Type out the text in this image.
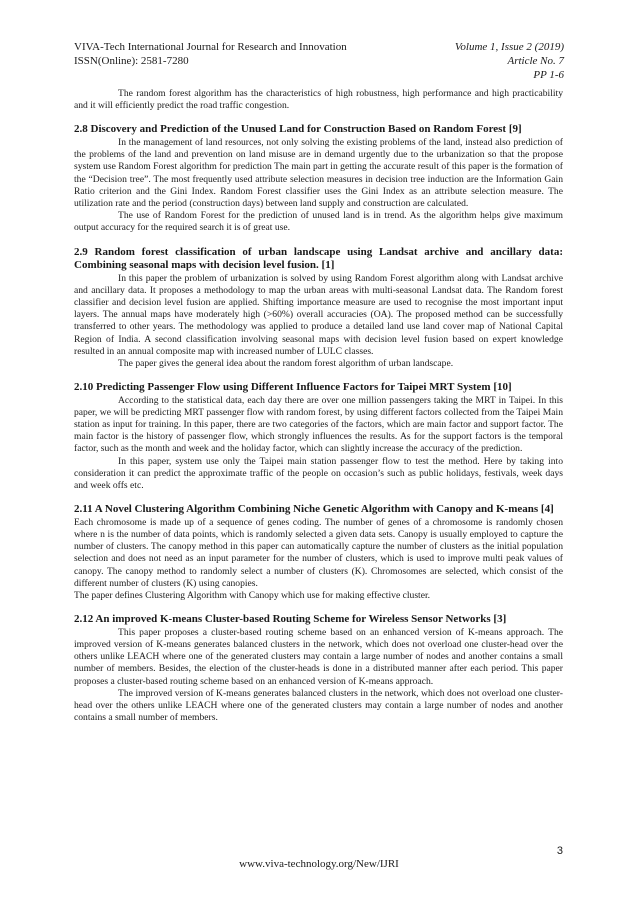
VIVA-Tech International Journal for Research and Innovation
ISSN(Online): 2581-7280
Volume 1, Issue 2 (2019)
Article No. 7
PP 1-6

The random forest algorithm has the characteristics of high robustness, high performance and high practicability and it will efficiently predict the road traffic congestion.

2.8 Discovery and Prediction of the Unused Land for Construction Based on Random Forest [9]

In the management of land resources, not only solving the existing problems of the land, instead also prediction of the problems of the land and prevention on land misuse are in demand urgently due to the urbanization so that the propose system use Random Forest algorithm for prediction The main part in getting the accurate result of this paper is the formation of the “Decision tree”. The most frequently used attribute selection measures in decision tree induction are the Information Gain Ratio criterion and the Gini Index. Random Forest classifier uses the Gini Index as an attribute selection measure. The utilization rate and the period (construction days) between land supply and construction are calculated.

The use of Random Forest for the prediction of unused land is in trend. As the algorithm helps give maximum output accuracy for the required search it is of great use.

2.9 Random forest classification of urban landscape using Landsat archive and ancillary data: Combining seasonal maps with decision level fusion. [1]

In this paper the problem of urbanization is solved by using Random Forest algorithm along with Landsat archive and ancillary data. It proposes a methodology to map the urban areas with multi-seasonal Landsat data. The Random forest classifier and decision level fusion are applied. Shifting importance measure are used to recognise the most important input layers. The annual maps have moderately high (>60%) overall accuracies (OA). The proposed method can be successfully transferred to other years. The methodology was applied to produce a detailed land use land cover map of National Capital Region of India. A second classification involving seasonal maps with decision level fusion based on expert knowledge resulted in an annual composite map with increased number of LULC classes.

The paper gives the general idea about the random forest algorithm of urban landscape.

2.10 Predicting Passenger Flow using Different Influence Factors for Taipei MRT System [10]

According to the statistical data, each day there are over one million passengers taking the MRT in Taipei. In this paper, we will be predicting MRT passenger flow with random forest, by using different factors collected from the Taipei Main station as input for training. In this paper, there are two categories of the factors, which are main factor and support factor. The main factor is the history of passenger flow, which strongly influences the results. As for the support factors is the temporal factor, such as the month and week and the holiday factor, which can slightly increase the accuracy of the prediction.

In this paper, system use only the Taipei main station passenger flow to test the method. Here by taking into consideration it can predict the approximate traffic of the people on occasion’s such as public holidays, festivals, week days and week offs etc.

2.11 A Novel Clustering Algorithm Combining Niche Genetic Algorithm with Canopy and K-means [4]

Each chromosome is made up of a sequence of genes coding. The number of genes of a chromosome is randomly chosen where n is the number of data points, which is randomly selected a given data sets. Canopy is usually employed to capture the number of clusters. The canopy method in this paper can automatically capture the number of clusters as the initial population selection and does not need as an input parameter for the number of clusters, which is used to improve multi peak values of canopy. The canopy method to randomly select a number of clusters (K). Chromosomes are selected, which consist of the different number of clusters (K) using canopies.

The paper defines Clustering Algorithm with Canopy which use for making effective cluster.

2.12 An improved K-means Cluster-based Routing Scheme for Wireless Sensor Networks [3]

This paper proposes a cluster-based routing scheme based on an enhanced version of K-means approach. The improved version of K-means generates balanced clusters in the network, which does not overload one cluster-head over the others unlike LEACH where one of the generated clusters may contain a large number of nodes and another contains a small number of members. Besides, the election of the cluster-heads is done in a distributed manner after each period. This paper proposes a cluster-based routing scheme based on an enhanced version of K-means approach.

The improved version of K-means generates balanced clusters in the network, which does not overload one cluster-head over the others unlike LEACH where one of the generated clusters may contain a large number of nodes and another contains a small number of members.

3
www.viva-technology.org/New/IJRI
